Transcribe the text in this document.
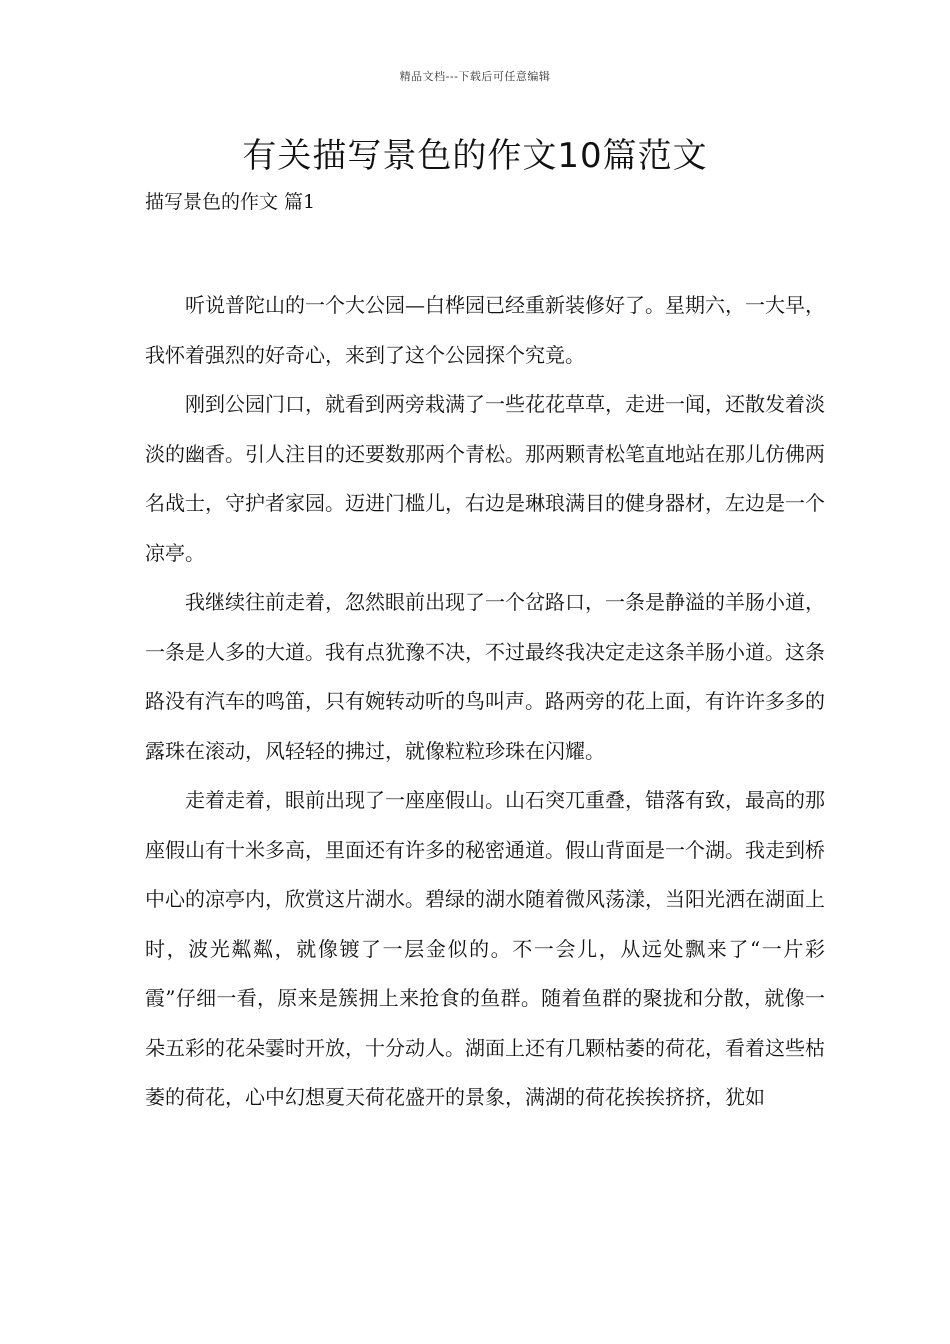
精品文档---下载后可任意编辑
有关描写景色的作文10篇范文
描写景色的作文 篇1

听说普陀山的一个大公园—白桦园已经重新装修好了。星期六，一大早，我怀着强烈的好奇心，来到了这个公园探个究竟。

刚到公园门口，就看到两旁栽满了一些花花草草，走进一闻，还散发着淡淡的幽香。引人注目的还要数那两个青松。那两颗青松笔直地站在那儿仿佛两名战士，守护者家园。迈进门槛儿，右边是琳琅满目的健身器材，左边是一个凉亭。

我继续往前走着，忽然眼前出现了一个岔路口，一条是静溢的羊肠小道，一条是人多的大道。我有点犹豫不决，不过最终我决定走这条羊肠小道。这条路没有汽车的鸣笛，只有婉转动听的鸟叫声。路两旁的花上面，有许许多多的露珠在滚动，风轻轻的拂过，就像粒粒珍珠在闪耀。

走着走着，眼前出现了一座座假山。山石突兀重叠，错落有致，最高的那座假山有十米多高，里面还有许多的秘密通道。假山背面是一个湖。我走到桥中心的凉亭内，欣赏这片湖水。碧绿的湖水随着微风荡漾，当阳光洒在湖面上时，波光粼粼，就像镀了一层金似的。不一会儿，从远处飘来了“一片彩霞”仔细一看，原来是簇拥上来抢食的鱼群。随着鱼群的聚拢和分散，就像一朵五彩的花朵霎时开放，十分动人。湖面上还有几颗枯萎的荷花，看着这些枯萎的荷花，心中幻想夏天荷花盛开的景象，满湖的荷花挨挨挤挤，犹如
